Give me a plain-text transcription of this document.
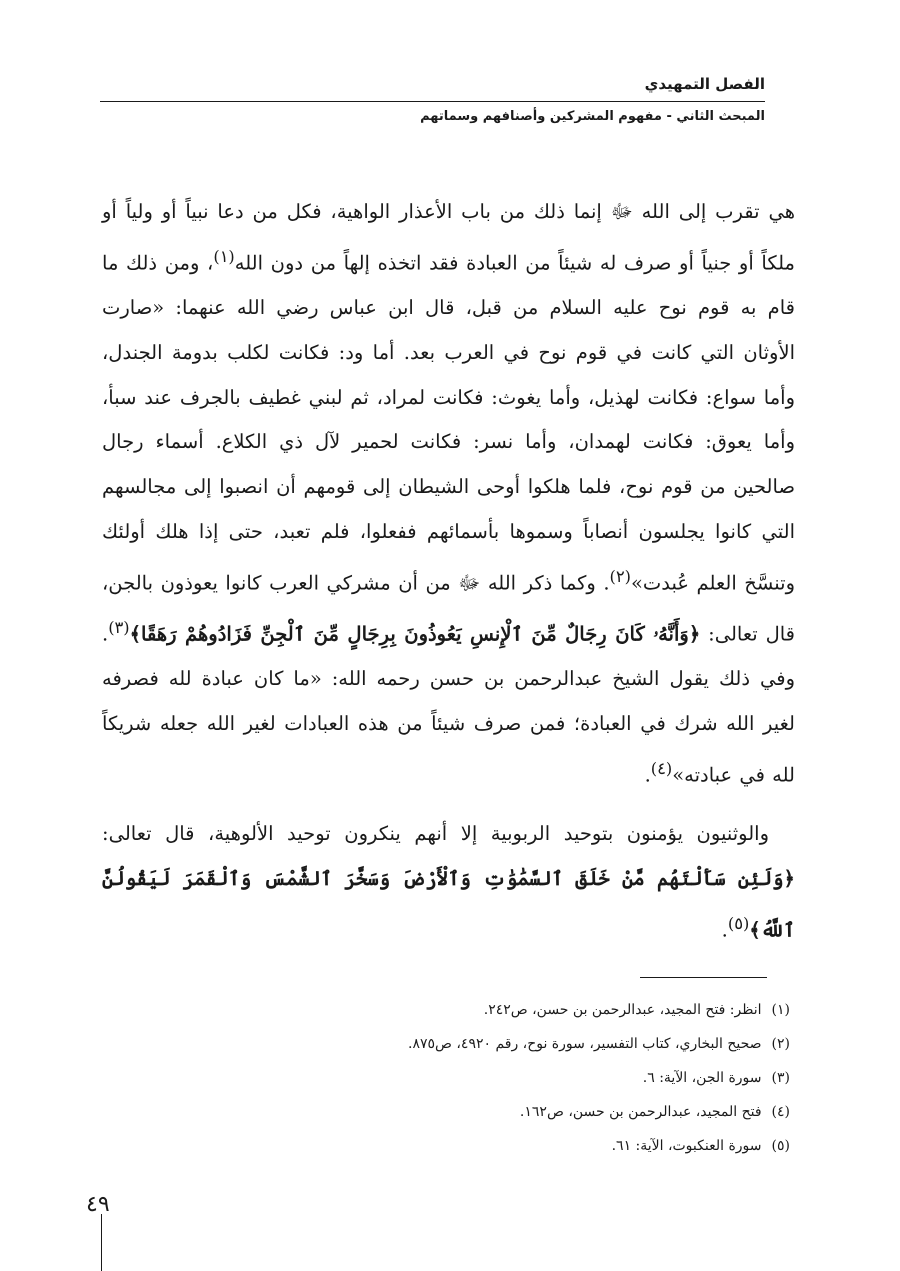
الفصل التمهيدي
المبحث الثاني - مفهوم المشركين وأصنافهم وسماتهم

هي تقرب إلى الله ﷻ إنما ذلك من باب الأعذار الواهية، فكل من دعا نبياً أو ولياً أو ملكاً أو جنياً أو صرف له شيئاً من العبادة فقد اتخذه إلهاً من دون الله$^{(١)}$، ومن ذلك ما قام به قوم نوح عليه السلام من قبل، قال ابن عباس رضي الله عنهما: «صارت الأوثان التي كانت في قوم نوح في العرب بعد. أما ود: فكانت لكلب بدومة الجندل، وأما سواع: فكانت لهذيل، وأما يغوث: فكانت لمراد، ثم لبني غطيف بالجرف عند سبأ، وأما يعوق: فكانت لهمدان، وأما نسر: فكانت لحمير لآل ذي الكلاع. أسماء رجال صالحين من قوم نوح، فلما هلكوا أوحى الشيطان إلى قومهم أن انصبوا إلى مجالسهم التي كانوا يجلسون أنصاباً وسموها بأسمائهم ففعلوا، فلم تعبد، حتى إذا هلك أولئك وتنسَّخ العلم عُبدت»$^{(٢)}$. وكما ذكر الله ﷻ من أن مشركي العرب كانوا يعوذون بالجن، قال تعالى: ﴿وَأَنَّهُۥ كَانَ رِجَالٌ مِّنَ ٱلْإِنسِ يَعُوذُونَ بِرِجَالٍ مِّنَ ٱلْجِنِّ فَزَادُوهُمْ رَهَقًا﴾$^{(٣)}$. وفي ذلك يقول الشيخ عبدالرحمن بن حسن رحمه الله: «ما كان عبادة لله فصرفه لغير الله شرك في العبادة؛ فمن صرف شيئاً من هذه العبادات لغير الله جعله شريكاً لله في عبادته»$^{(٤)}$.

والوثنيون يؤمنون بتوحيد الربوبية إلا أنهم ينكرون توحيد الألوهية، قال تعالى: ﴿وَلَئِن سَأَلْتَهُم مَّنْ خَلَقَ ٱلسَّمَٰوَٰتِ وَٱلْأَرْضَ وَسَخَّرَ ٱلشَّمْسَ وَٱلْقَمَرَ لَيَقُولُنَّ ٱللَّهُ﴾$^{(٥)}$.

(١)انظر: فتح المجيد، عبدالرحمن بن حسن، ص٢٤٢.
(٢)صحيح البخاري، كتاب التفسير، سورة نوح، رقم ٤٩٢٠، ص٨٧٥.
(٣)سورة الجن، الآية: ٦.
(٤)فتح المجيد، عبدالرحمن بن حسن، ص١٦٢.
(٥)سورة العنكبوت، الآية: ٦١.
٤٩
